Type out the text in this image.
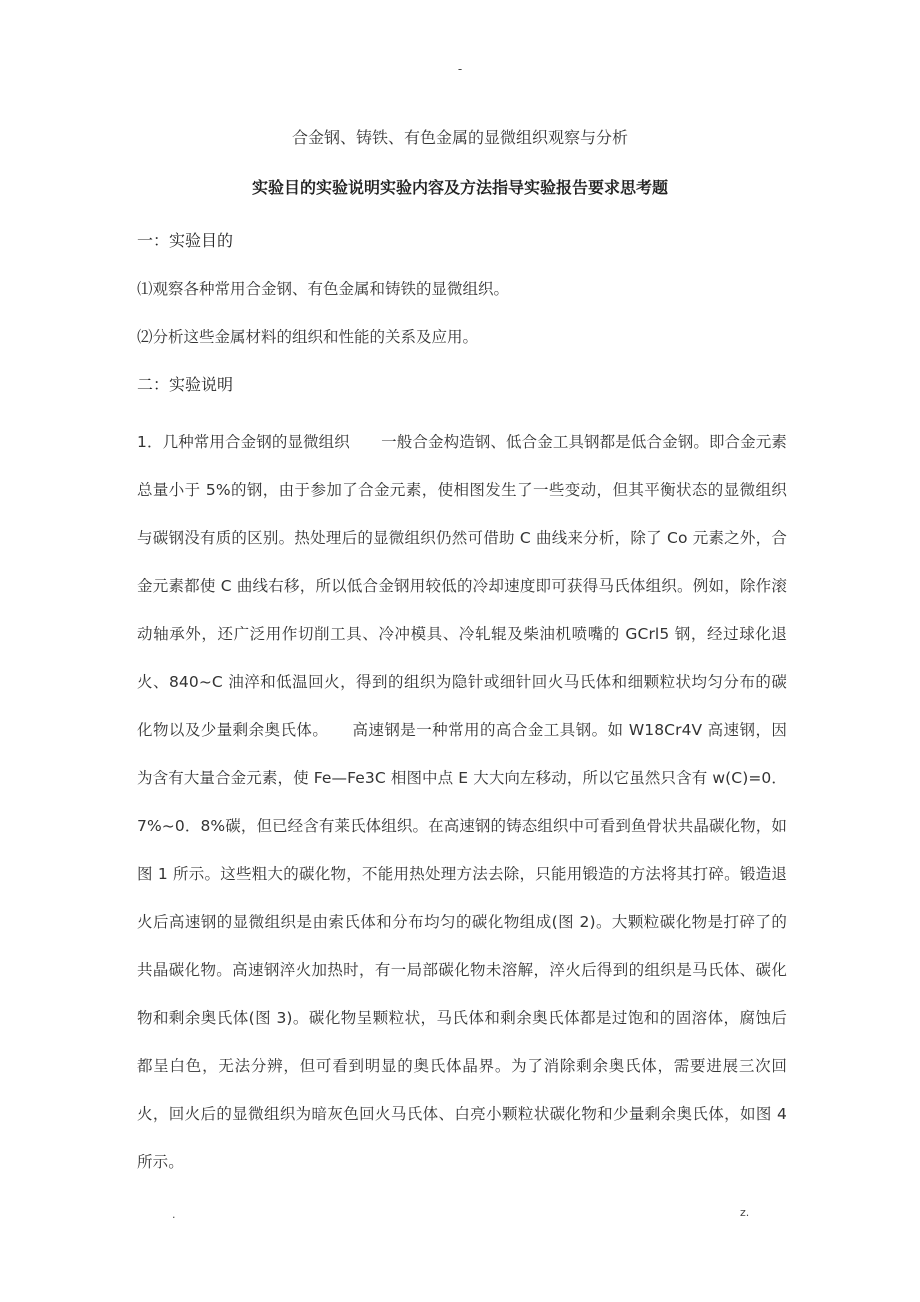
-
合金钢、铸铁、有色金属的显微组织观察与分析
实验目的实验说明实验内容及方法指导实验报告要求思考题
一：实验目的
⑴观察各种常用合金钢、有色金属和铸铁的显微组织。
⑵分析这些金属材料的组织和性能的关系及应用。
二：实验说明
1．几种常用合金钢的显微组织　　一般合金构造钢、低合金工具钢都是低合金钢。即合金元素总量小于 5%的钢，由于参加了合金元素，使相图发生了一些变动，但其平衡状态的显微组织与碳钢没有质的区别。热处理后的显微组织仍然可借助 C 曲线来分析，除了 Co 元素之外，合金元素都使 C 曲线右移，所以低合金钢用较低的冷却速度即可获得马氏体组织。例如，除作滚动轴承外，还广泛用作切削工具、冷冲模具、冷轧辊及柴油机喷嘴的 GCrl5 钢，经过球化退火、840~C 油淬和低温回火，得到的组织为隐针或细针回火马氏体和细颗粒状均匀分布的碳化物以及少量剩余奥氏体。　　高速钢是一种常用的高合金工具钢。如 W18Cr4V 高速钢，因为含有大量合金元素，使 Fe—Fe3C 相图中点 E 大大向左移动，所以它虽然只含有 w(C)=0．7%~0．8%碳，但已经含有莱氏体组织。在高速钢的铸态组织中可看到鱼骨状共晶碳化物，如图 1 所示。这些粗大的碳化物，不能用热处理方法去除，只能用锻造的方法将其打碎。锻造退火后高速钢的显微组织是由索氏体和分布均匀的碳化物组成(图 2)。大颗粒碳化物是打碎了的共晶碳化物。高速钢淬火加热时，有一局部碳化物未溶解，淬火后得到的组织是马氏体、碳化物和剩余奥氏体(图 3)。碳化物呈颗粒状，马氏体和剩余奥氏体都是过饱和的固溶体，腐蚀后都呈白色，无法分辨，但可看到明显的奥氏体晶界。为了消除剩余奥氏体，需要进展三次回火，回火后的显微组织为暗灰色回火马氏体、白亮小颗粒状碳化物和少量剩余奥氏体，如图 4 所示。
.	z.
